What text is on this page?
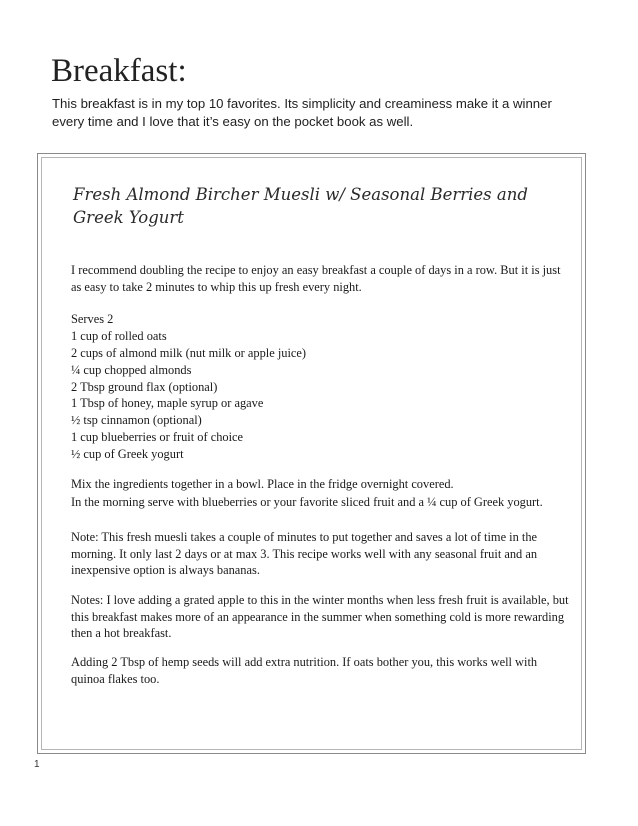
Breakfast:

This breakfast is in my top 10 favorites. Its simplicity and creaminess make it a winner every time and I love that it’s easy on the pocket book as well.

Fresh Almond Bircher Muesli w/ Seasonal Berries and Greek Yogurt

I recommend doubling the recipe to enjoy an easy breakfast a couple of days in a row. But it is just as easy to take 2 minutes to whip this up fresh every night.

Serves 2

1 cup of rolled oats
2 cups of almond milk (nut milk or apple juice)
¼ cup chopped almonds
2 Tbsp ground flax (optional)
1 Tbsp of honey, maple syrup or agave
½ tsp cinnamon (optional)
1 cup blueberries or fruit of choice
½ cup of Greek yogurt

Mix the ingredients together in a bowl. Place in the fridge overnight covered.

In the morning serve with blueberries or your favorite sliced fruit and a ¼ cup of Greek yogurt.

Note: This fresh muesli takes a couple of minutes to put together and saves a lot of time in the morning. It only last 2 days or at max 3. This recipe works well with any seasonal fruit and an inexpensive option is always bananas.

Notes: I love adding a grated apple to this in the winter months when less fresh fruit is available, but this breakfast makes more of an appearance in the summer when something cold is more rewarding then a hot breakfast.

Adding 2 Tbsp of hemp seeds will add extra nutrition. If oats bother you, this works well with quinoa flakes too.

1
